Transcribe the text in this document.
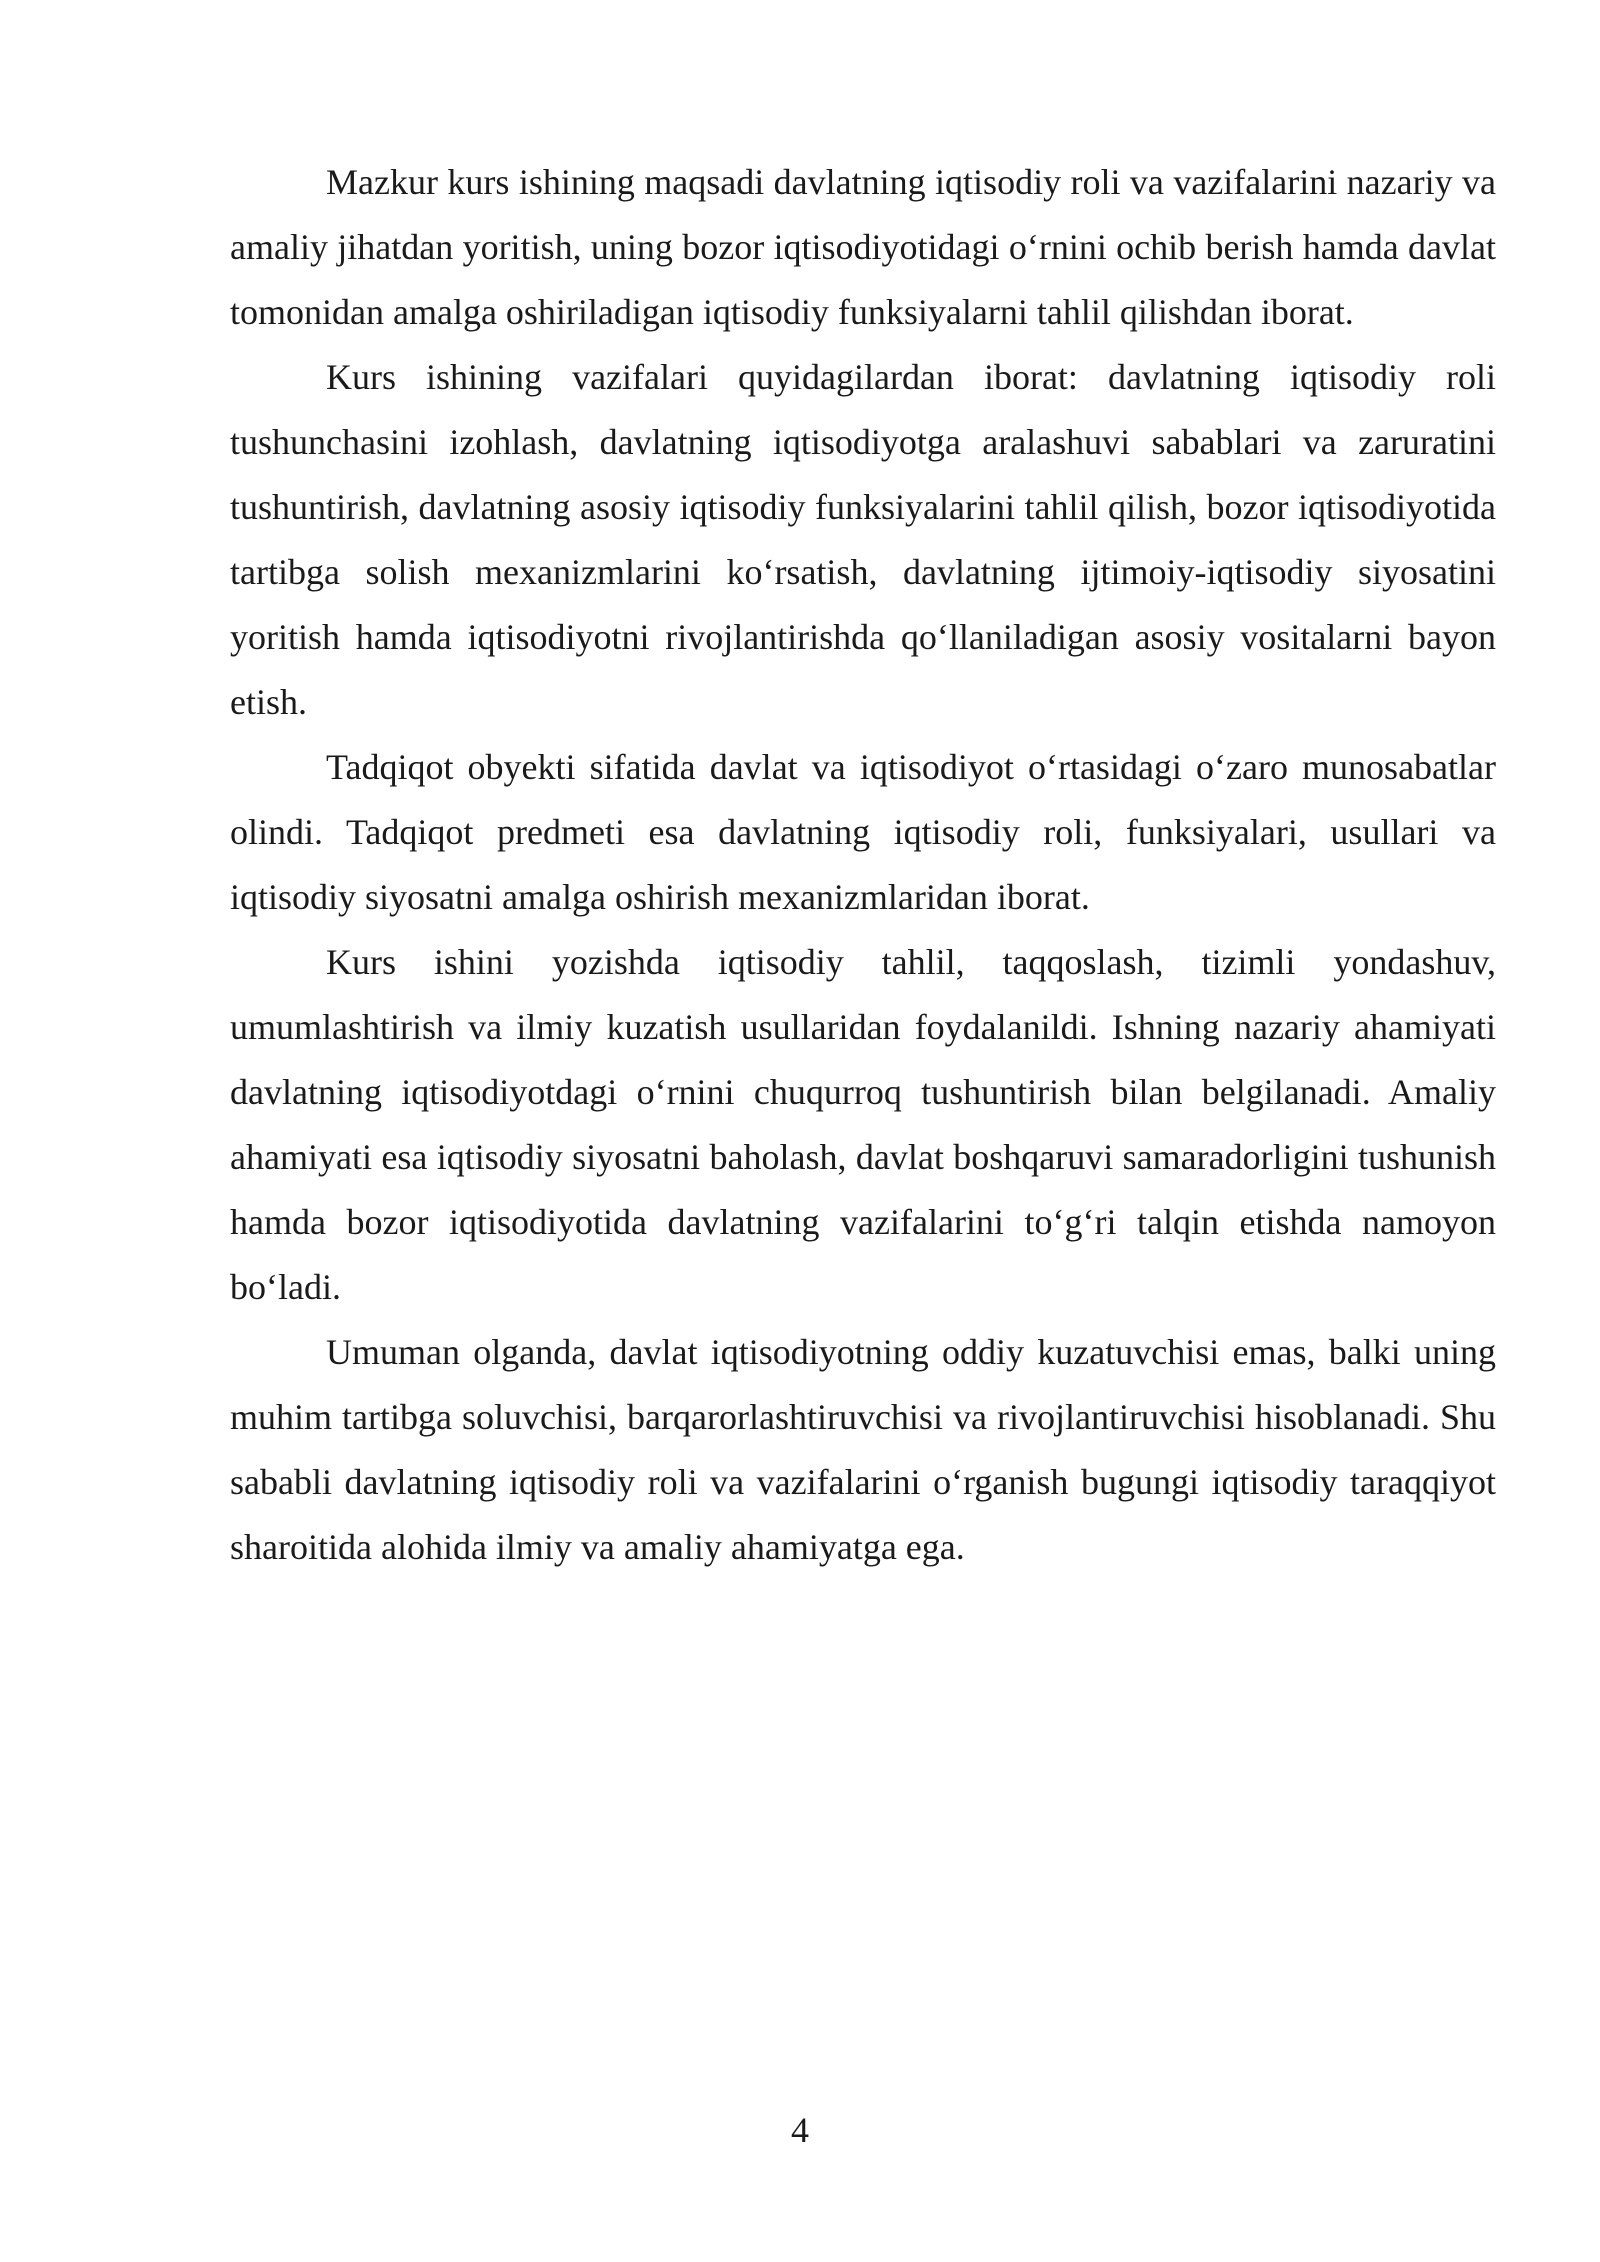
Mazkur kurs ishining maqsadi davlatning iqtisodiy roli va vazifalarini nazariy va amaliy jihatdan yoritish, uning bozor iqtisodiyotidagi o‘rnini ochib berish hamda davlat tomonidan amalga oshiriladigan iqtisodiy funksiyalarni tahlil qilishdan iborat.

Kurs ishining vazifalari quyidagilardan iborat: davlatning iqtisodiy roli tushunchasini izohlash, davlatning iqtisodiyotga aralashuvi sabablari va zaruratini tushuntirish, davlatning asosiy iqtisodiy funksiyalarini tahlil qilish, bozor iqtisodiyotida tartibga solish mexanizmlarini ko‘rsatish, davlatning ijtimoiy-iqtisodiy siyosatini yoritish hamda iqtisodiyotni rivojlantirishda qo‘llaniladigan asosiy vositalarni bayon etish.

Tadqiqot obyekti sifatida davlat va iqtisodiyot o‘rtasidagi o‘zaro munosabatlar olindi. Tadqiqot predmeti esa davlatning iqtisodiy roli, funksiyalari, usullari va iqtisodiy siyosatni amalga oshirish mexanizmlaridan iborat.

Kurs ishini yozishda iqtisodiy tahlil, taqqoslash, tizimli yondashuv, umumlashtirish va ilmiy kuzatish usullaridan foydalanildi. Ishning nazariy ahamiyati davlatning iqtisodiyotdagi o‘rnini chuqurroq tushuntirish bilan belgilanadi. Amaliy ahamiyati esa iqtisodiy siyosatni baholash, davlat boshqaruvi samaradorligini tushunish hamda bozor iqtisodiyotida davlatning vazifalarini to‘g‘ri talqin etishda namoyon bo‘ladi.

Umuman olganda, davlat iqtisodiyotning oddiy kuzatuvchisi emas, balki uning muhim tartibga soluvchisi, barqarorlashtiruvchisi va rivojlantiruvchisi hisoblanadi. Shu sababli davlatning iqtisodiy roli va vazifalarini o‘rganish bugungi iqtisodiy taraqqiyot sharoitida alohida ilmiy va amaliy ahamiyatga ega.

4
